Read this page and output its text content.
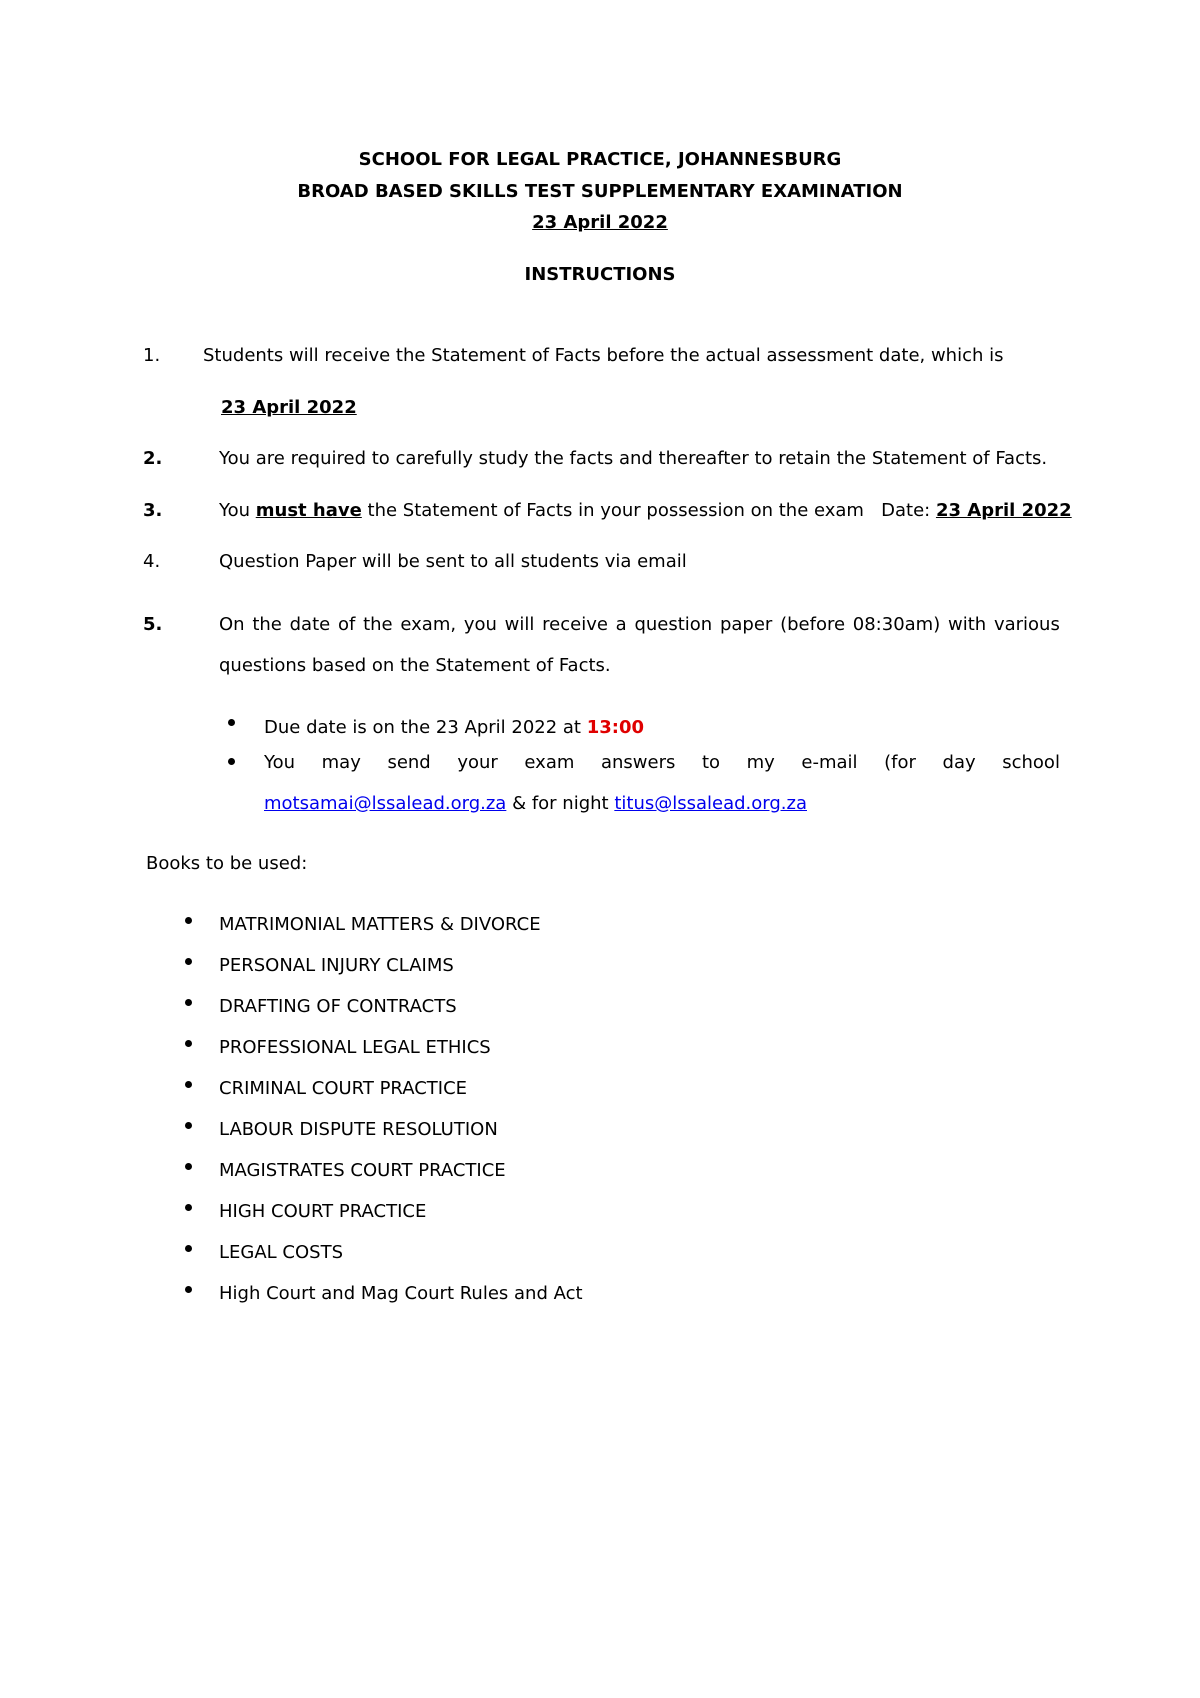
SCHOOL FOR LEGAL PRACTICE, JOHANNESBURG
BROAD BASED SKILLS TEST SUPPLEMENTARY EXAMINATION
23 April 2022
INSTRUCTIONS
1.	Students will receive the Statement of Facts before the actual assessment date, which is
23 April 2022
2.	You are required to carefully study the facts and thereafter to retain the Statement of Facts.
3.	You must have the Statement of Facts in your possession on the exam   Date: 23 April 2022
4.	Question Paper will be sent to all students via email
5.	On the date of the exam, you will receive a question paper (before 08:30am) with various
questions based on the Statement of Facts.
Due date is on the 23 April 2022 at 13:00
You may send your exam answers to my e-mail (for day school
motsamai@lssalead.org.za & for night titus@lssalead.org.za
Books to be used:
MATRIMONIAL MATTERS & DIVORCE
PERSONAL INJURY CLAIMS
DRAFTING OF CONTRACTS
PROFESSIONAL LEGAL ETHICS
CRIMINAL COURT PRACTICE
LABOUR DISPUTE RESOLUTION
MAGISTRATES COURT PRACTICE
HIGH COURT PRACTICE
LEGAL COSTS
High Court and Mag Court Rules and Act
